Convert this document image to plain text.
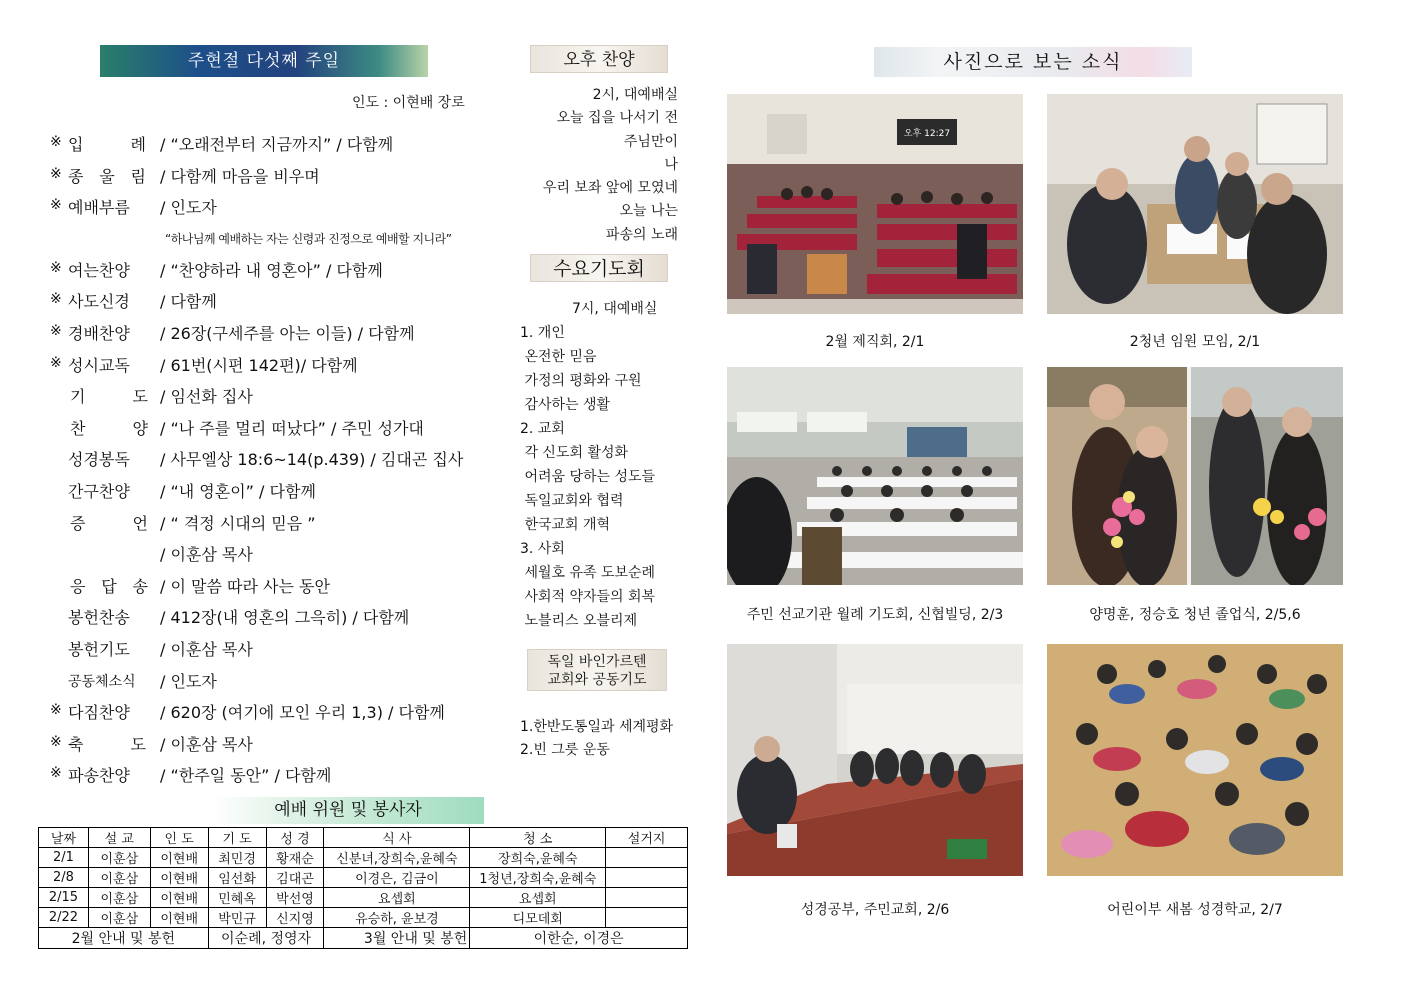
주현절 다섯째 주일
인도 : 이현배 장로
※ 입	례 / “오래전부터 지금까지” / 다함께
※ 종 울 림 / 다함께 마음을 비우며
※ 예배부름 / 인도자
※ 여는찬양 / “찬양하라 내 영혼아” / 다함께
※ 사도신경 / 다함께
※ 경배찬양 / 26장(구세주를 아는 이들) / 다함께
※ 성시교독 / 61번(시편 142편)/ 다함께
기	도 / 임선화 집사
찬	양 / “나 주를 멀리 떠났다” / 주민 성가대
성경봉독 / 사무엘상 18:6~14(p.439) / 김대곤 집사
간구찬양 / “내 영혼이” / 다함께
증	언 / “ 격정 시대의 믿음 ”
/ 이훈삼 목사
응 답 송 / 이 말씀 따라 사는 동안
봉헌찬송 / 412장(내 영혼의 그윽히) / 다함께
봉헌기도 / 이훈삼 목사
공동체소식 / 인도자
※ 다짐찬양 / 620장 (여기에 모인 우리 1,3) / 다함께
※ 축	도 / 이훈삼 목사
※ 파송찬양 / “한주일 동안” / 다함께
“하나님께 예배하는 자는 신령과 진정으로 예배할 지니라”
예배 위원 및 봉사자
날짜	설 교	인 도	기 도	성 경	식 사	청 소	설거지
2/1	이훈삼	이현배	최민경	황재순	신분녀,장희숙,윤혜숙	장희숙,윤혜숙	
2/8	이훈삼	이현배	임선화	김대곤	이경은, 김금이	1청년,장희숙,윤혜숙	
2/15	이훈삼	이현배	민혜옥	박선영	요셉회	요셉회	
2/22	이훈삼	이현배	박민규	신지영	유승하, 윤보경	디모데회	
2월 안내 및 봉헌			이순례, 정영자		3월 안내 및 봉헌	이한순, 이경은	
오후 찬양
2시, 대예배실
오늘 집을 나서기 전
주님만이
나
우리 보좌 앞에 모였네
오늘 나는
파송의 노래
수요기도회
7시, 대예배실
1. 개인
온전한 믿음
가정의 평화와 구원
감사하는 생활
2. 교회
각 신도회 활성화
어려움 당하는 성도들
독일교회와 협력
한국교회 개혁
3. 사회
세월호 유족 도보순례
사회적 약자들의 회복
노블리스 오블리제
독일 바인가르텐
교회와 공동기도
1.한반도통일과 세계평화
2.빈 그릇 운동
사진으로 보는 소식
오후 12:27
2월 제직회, 2/1	2청년 임원 모임, 2/1
주민 선교기관 월례 기도회, 신협빌딩, 2/3	양명훈, 정승호 청년 졸업식, 2/5,6
성경공부, 주민교회, 2/6	어린이부 새봄 성경학교, 2/7
